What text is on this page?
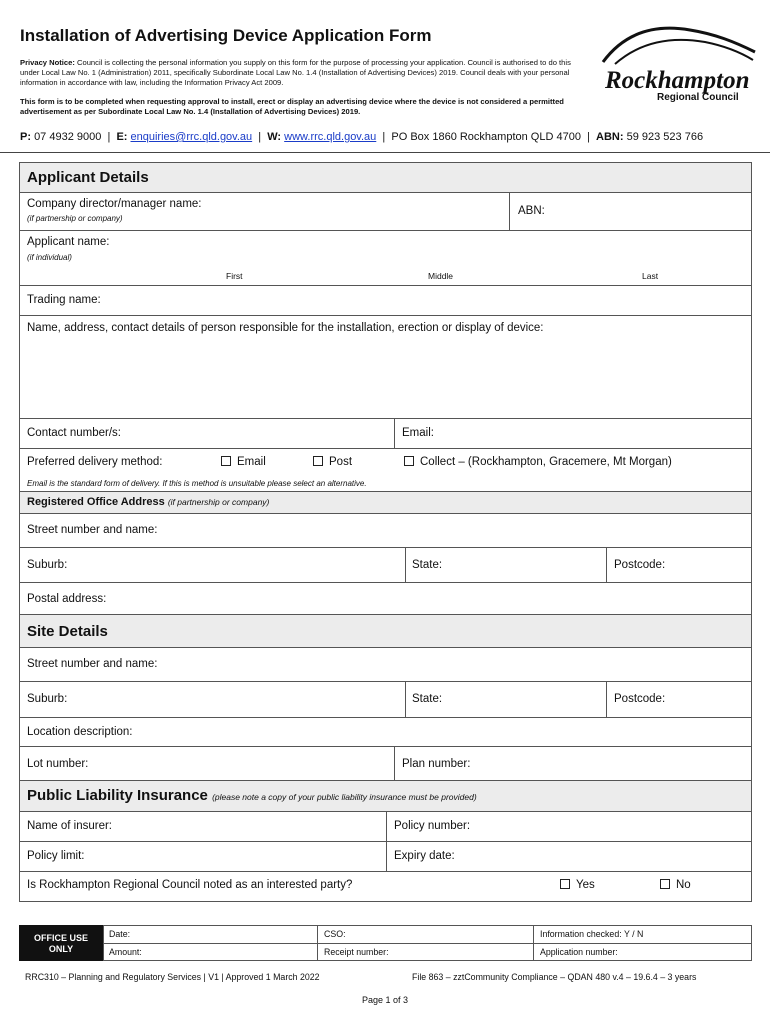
Installation of Advertising Device Application Form
Privacy Notice: Council is collecting the personal information you supply on this form for the purpose of processing your application. Council is authorised to do this under Local Law No. 1 (Administration) 2011, specifically Subordinate Local Law No. 1.4 (Installation of Advertising Devices) 2019. Council deals with your personal information in accordance with law, including the Information Privacy Act 2009.
This form is to be completed when requesting approval to install, erect or display an advertising device where the device is not considered a permitted advertisement as per Subordinate Local Law No. 1.4 (Installation of Advertising Devices) 2019.
Rockhampton
Regional Council
P: 07 4932 9000  |  E: enquiries@rrc.qld.gov.au  |  W: www.rrc.qld.gov.au  |  PO Box 1860 Rockhampton QLD 4700  |  ABN: 59 923 523 766
Applicant Details
Company director/manager name:
(if partnership or company)
ABN:
Applicant name:
(if individual)
First	Middle	Last
Trading name:
Name, address, contact details of person responsible for the installation, erection or display of device:
Contact number/s:	Email:
Preferred delivery method:	Email	Post	Collect – (Rockhampton, Gracemere, Mt Morgan)
Email is the standard form of delivery. If this is method is unsuitable please select an alternative.
Registered Office Address (if partnership or company)
Street number and name:
Suburb:	State:	Postcode:
Postal address:
Site Details
Street number and name:
Suburb:	State:	Postcode:
Location description:
Lot number:	Plan number:
Public Liability Insurance (please note a copy of your public liability insurance must be provided)
Name of insurer:	Policy number:
Policy limit:	Expiry date:
Is Rockhampton Regional Council noted as an interested party?	Yes	No
OFFICE USE
ONLY
Date:	CSO:	Information checked: Y / N
Amount:	Receipt number:	Application number:
RRC310 – Planning and Regulatory Services | V1 | Approved 1 March 2022	File 863 – zztCommunity Compliance – QDAN 480 v.4 – 19.6.4 – 3 years
Page 1 of 3
